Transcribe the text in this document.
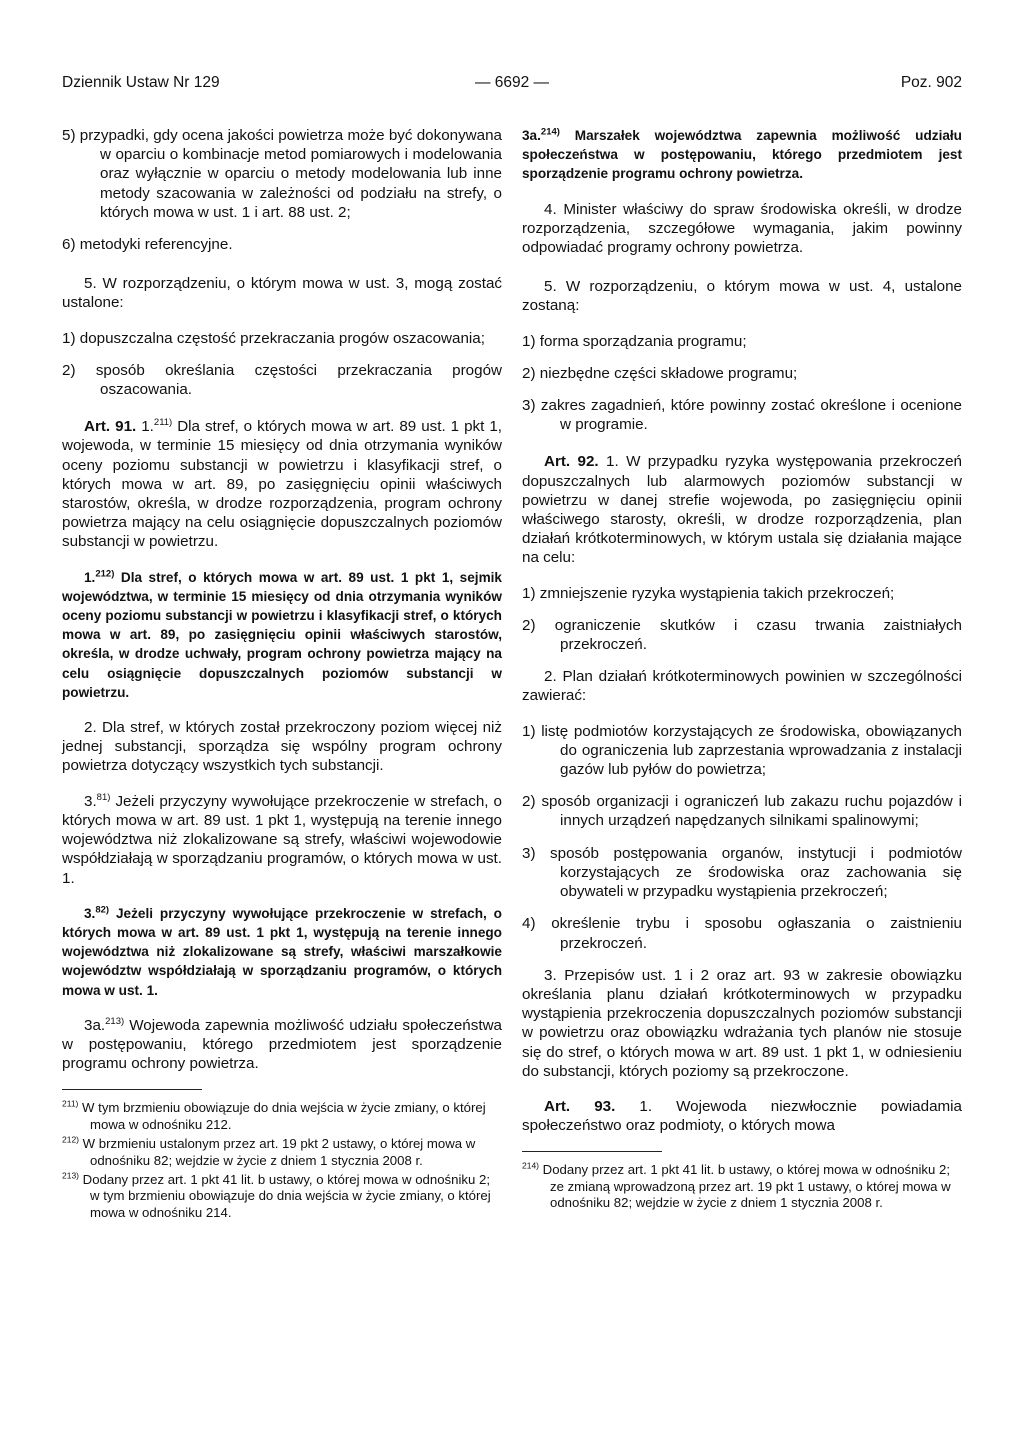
Dziennik Ustaw Nr 129	— 6692 —	Poz. 902

5) przypadki, gdy ocena jakości powietrza może być dokonywana w oparciu o kombinacje metod pomiarowych i modelowania oraz wyłącznie w oparciu o metody modelowania lub inne metody szacowania w zależności od podziału na strefy, o których mowa w ust. 1 i art. 88 ust. 2;

6) metodyki referencyjne.

5. W rozporządzeniu, o którym mowa w ust. 3, mogą zostać ustalone:

1) dopuszczalna częstość przekraczania progów oszacowania;

2) sposób określania częstości przekraczania progów oszacowania.

Art. 91. 1.$^{211)}$ Dla stref, o których mowa w art. 89 ust. 1 pkt 1, wojewoda, w terminie 15 miesięcy od dnia otrzymania wyników oceny poziomu substancji w powietrzu i klasyfikacji stref, o których mowa w art. 89, po zasięgnięciu opinii właściwych starostów, określa, w drodze rozporządzenia, program ochrony powietrza mający na celu osiągnięcie dopuszczalnych poziomów substancji w powietrzu.

1.$^{212)}$ Dla stref, o których mowa w art. 89 ust. 1 pkt 1, sejmik województwa, w terminie 15 miesięcy od dnia otrzymania wyników oceny poziomu substancji w powietrzu i klasyfikacji stref, o których mowa w art. 89, po zasięgnięciu opinii właściwych starostów, określa, w drodze uchwały, program ochrony powietrza mający na celu osiągnięcie dopuszczalnych poziomów substancji w powietrzu.

2. Dla stref, w których został przekroczony poziom więcej niż jednej substancji, sporządza się wspólny program ochrony powietrza dotyczący wszystkich tych substancji.

3.$^{81)}$ Jeżeli przyczyny wywołujące przekroczenie w strefach, o których mowa w art. 89 ust. 1 pkt 1, występują na terenie innego województwa niż zlokalizowane są strefy, właściwi wojewodowie współdziałają w sporządzaniu programów, o których mowa w ust. 1.

3.$^{82)}$ Jeżeli przyczyny wywołujące przekroczenie w strefach, o których mowa w art. 89 ust. 1 pkt 1, występują na terenie innego województwa niż zlokalizowane są strefy, właściwi marszałkowie województw współdziałają w sporządzaniu programów, o których mowa w ust. 1.

3a.$^{213)}$ Wojewoda zapewnia możliwość udziału społeczeństwa w postępowaniu, którego przedmiotem jest sporządzenie programu ochrony powietrza.

$^{211)}$ W tym brzmieniu obowiązuje do dnia wejścia w życie zmiany, o której mowa w odnośniku 212.
$^{212)}$ W brzmieniu ustalonym przez art. 19 pkt 2 ustawy, o której mowa w odnośniku 82; wejdzie w życie z dniem 1 stycznia 2008 r.
$^{213)}$ Dodany przez art. 1 pkt 41 lit. b ustawy, o której mowa w odnośniku 2; w tym brzmieniu obowiązuje do dnia wejścia w życie zmiany, o której mowa w odnośniku 214.

3a.$^{214)}$ Marszałek województwa zapewnia możliwość udziału społeczeństwa w postępowaniu, którego przedmiotem jest sporządzenie programu ochrony powietrza.

4. Minister właściwy do spraw środowiska określi, w drodze rozporządzenia, szczegółowe wymagania, jakim powinny odpowiadać programy ochrony powietrza.

5. W rozporządzeniu, o którym mowa w ust. 4, ustalone zostaną:

1) forma sporządzania programu;

2) niezbędne części składowe programu;

3) zakres zagadnień, które powinny zostać określone i ocenione w programie.

Art. 92. 1. W przypadku ryzyka występowania przekroczeń dopuszczalnych lub alarmowych poziomów substancji w powietrzu w danej strefie wojewoda, po zasięgnięciu opinii właściwego starosty, określi, w drodze rozporządzenia, plan działań krótkoterminowych, w którym ustala się działania mające na celu:

1) zmniejszenie ryzyka wystąpienia takich przekroczeń;

2) ograniczenie skutków i czasu trwania zaistniałych przekroczeń.

2. Plan działań krótkoterminowych powinien w szczególności zawierać:

1) listę podmiotów korzystających ze środowiska, obowiązanych do ograniczenia lub zaprzestania wprowadzania z instalacji gazów lub pyłów do powietrza;

2) sposób organizacji i ograniczeń lub zakazu ruchu pojazdów i innych urządzeń napędzanych silnikami spalinowymi;

3) sposób postępowania organów, instytucji i podmiotów korzystających ze środowiska oraz zachowania się obywateli w przypadku wystąpienia przekroczeń;

4) określenie trybu i sposobu ogłaszania o zaistnieniu przekroczeń.

3. Przepisów ust. 1 i 2 oraz art. 93 w zakresie obowiązku określania planu działań krótkoterminowych w przypadku wystąpienia przekroczenia dopuszczalnych poziomów substancji w powietrzu oraz obowiązku wdrażania tych planów nie stosuje się do stref, o których mowa w art. 89 ust. 1 pkt 1, w odniesieniu do substancji, których poziomy są przekroczone.

Art. 93. 1. Wojewoda niezwłocznie powiadamia społeczeństwo oraz podmioty, o których mowa

$^{214)}$ Dodany przez art. 1 pkt 41 lit. b ustawy, o której mowa w odnośniku 2; ze zmianą wprowadzoną przez art. 19 pkt 1 ustawy, o której mowa w odnośniku 82; wejdzie w życie z dniem 1 stycznia 2008 r.
